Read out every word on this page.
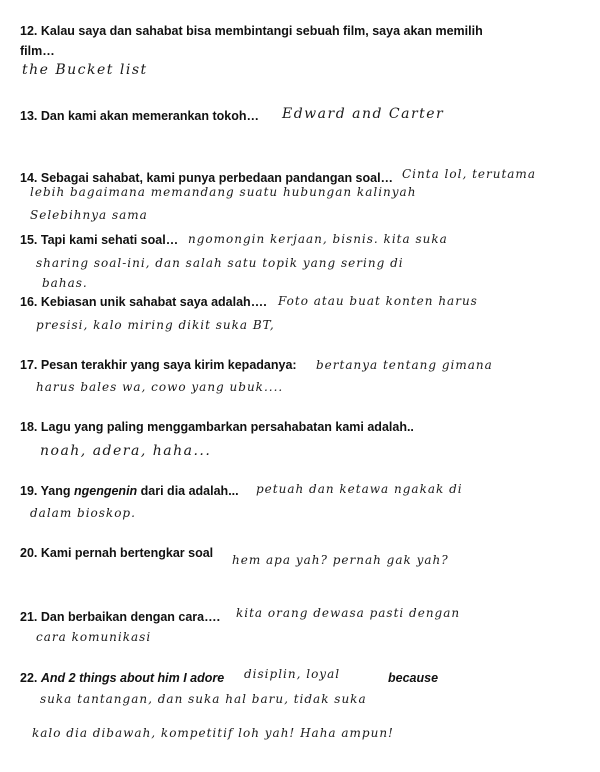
12. Kalau saya dan sahabat bisa membintangi sebuah film, saya akan memilih
film…
the Bucket list
13. Dan kami akan memerankan tokoh… Edward and Carter
14. Sebagai sahabat, kami punya perbedaan pandangan soal… Cinta lol, terutama
lebih bagaimana memandang suatu hubungan kalinyah
Selebihnya sama
15. Tapi kami sehati soal… ngomongin kerjaan, bisnis. kita suka
sharing soal-ini, dan salah satu topik yang sering di
bahas.
16. Kebiasan unik sahabat saya adalah…. Foto atau buat konten harus
presisi, kalo miring dikit suka BT,
17. Pesan terakhir yang saya kirim kepadanya: bertanya tentang gimana
harus bales wa, cowo yang ubuk....
18. Lagu yang paling menggambarkan persahabatan kami adalah..
noah, adera, haha...
19. Yang ngengenin dari dia adalah... petuah dan ketawa ngakak di
dalam bioskop.
20. Kami pernah bertengkar soal hem apa yah? pernah gak yah?
21. Dan berbaikan dengan cara…. kita orang dewasa pasti dengan
cara komunikasi
22. And 2 things about him I adore disiplin, loyal	because
suka tantangan, dan suka hal baru, tidak suka
kalo dia dibawah, kompetitif loh yah! Haha ampun!
